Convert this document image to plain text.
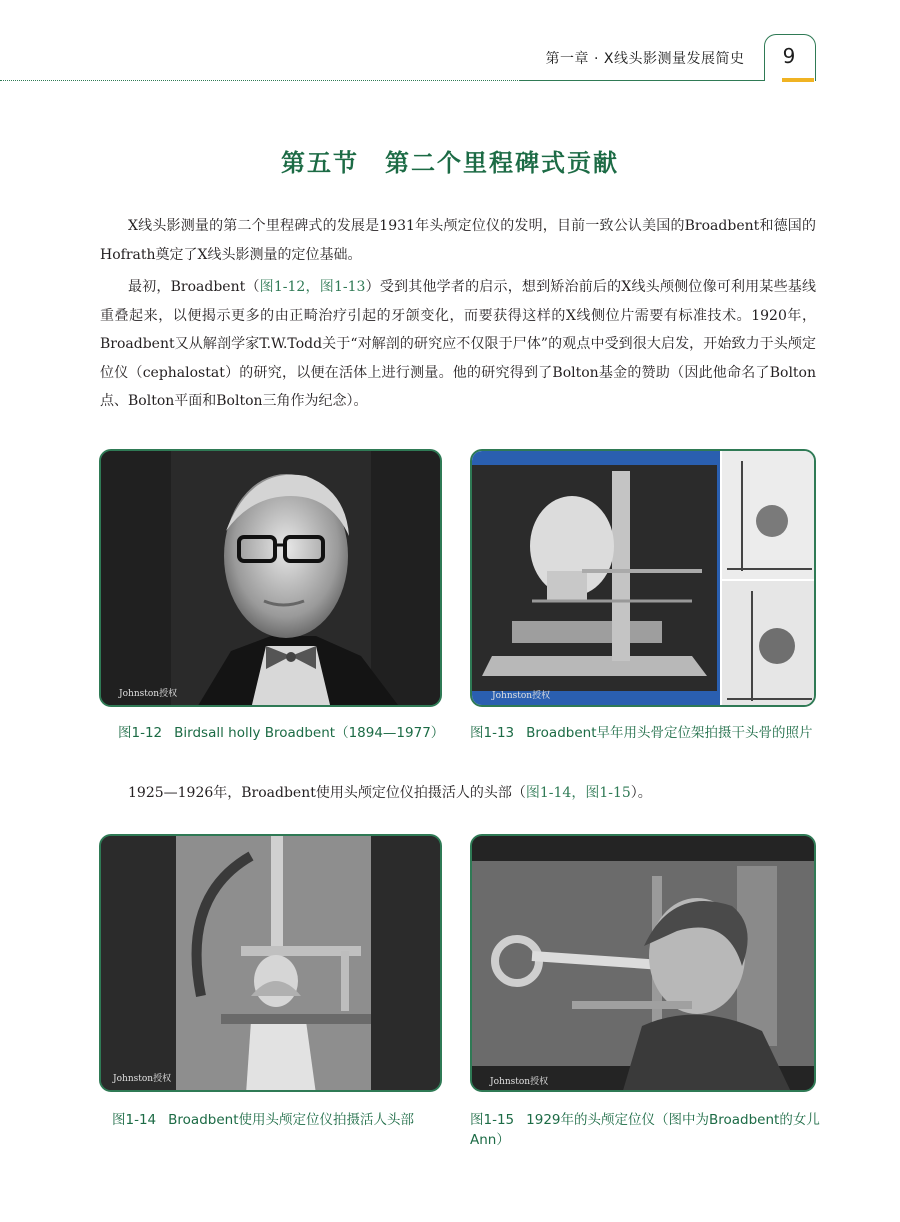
第一章 · X线头影测量发展简史	9
第五节　第二个里程碑式贡献

X线头影测量的第二个里程碑式的发展是1931年头颅定位仪的发明，目前一致公认美国的Broadbent和德国的Hofrath奠定了X线头影测量的定位基础。

最初，Broadbent（图1-12，图1-13）受到其他学者的启示，想到矫治前后的X线头颅侧位像可利用某些基线重叠起来，以便揭示更多的由正畸治疗引起的牙颌变化，而要获得这样的X线侧位片需要有标准技术。1920年，Broadbent又从解剖学家T.W.Todd关于“对解剖的研究应不仅限于尸体”的观点中受到很大启发，开始致力于头颅定位仪（cephalostat）的研究，以便在活体上进行测量。他的研究得到了Bolton基金的赞助（因此他命名了Bolton点、Bolton平面和Bolton三角作为纪念）。

Johnston授权	Johnston授权
图1-12 Birdsall holly Broadbent（1894—1977） 图1-13 Broadbent早年用头骨定位架拍摄干头骨的照片

1925—1926年，Broadbent使用头颅定位仪拍摄活人的头部（图1-14，图1-15）。

Johnston授权	Johnston授权
图1-14 Broadbent使用头颅定位仪拍摄活人头部	图1-15 1929年的头颅定位仪（图中为Broadbent的女儿Ann）
